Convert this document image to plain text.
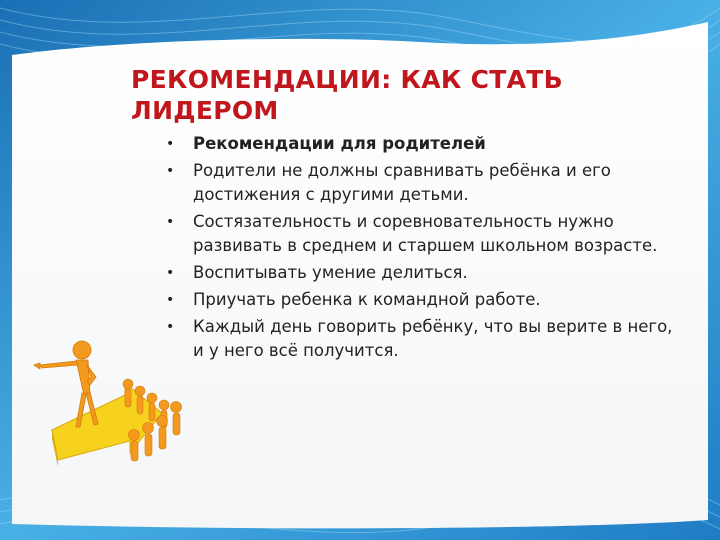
РЕКОМЕНДАЦИИ: КАК СТАТЬ ЛИДЕРОМ
• Рекомендации для родителей
• Родители не должны сравнивать ребёнка и его достижения с другими детьми.
• Состязательность и соревновательность нужно развивать в среднем и старшем школьном возрасте.
• Воспитывать умение делиться.
• Приучать ребенка к командной работе.
• Каждый день говорить ребёнку, что вы верите в него, и у него всё получится.
